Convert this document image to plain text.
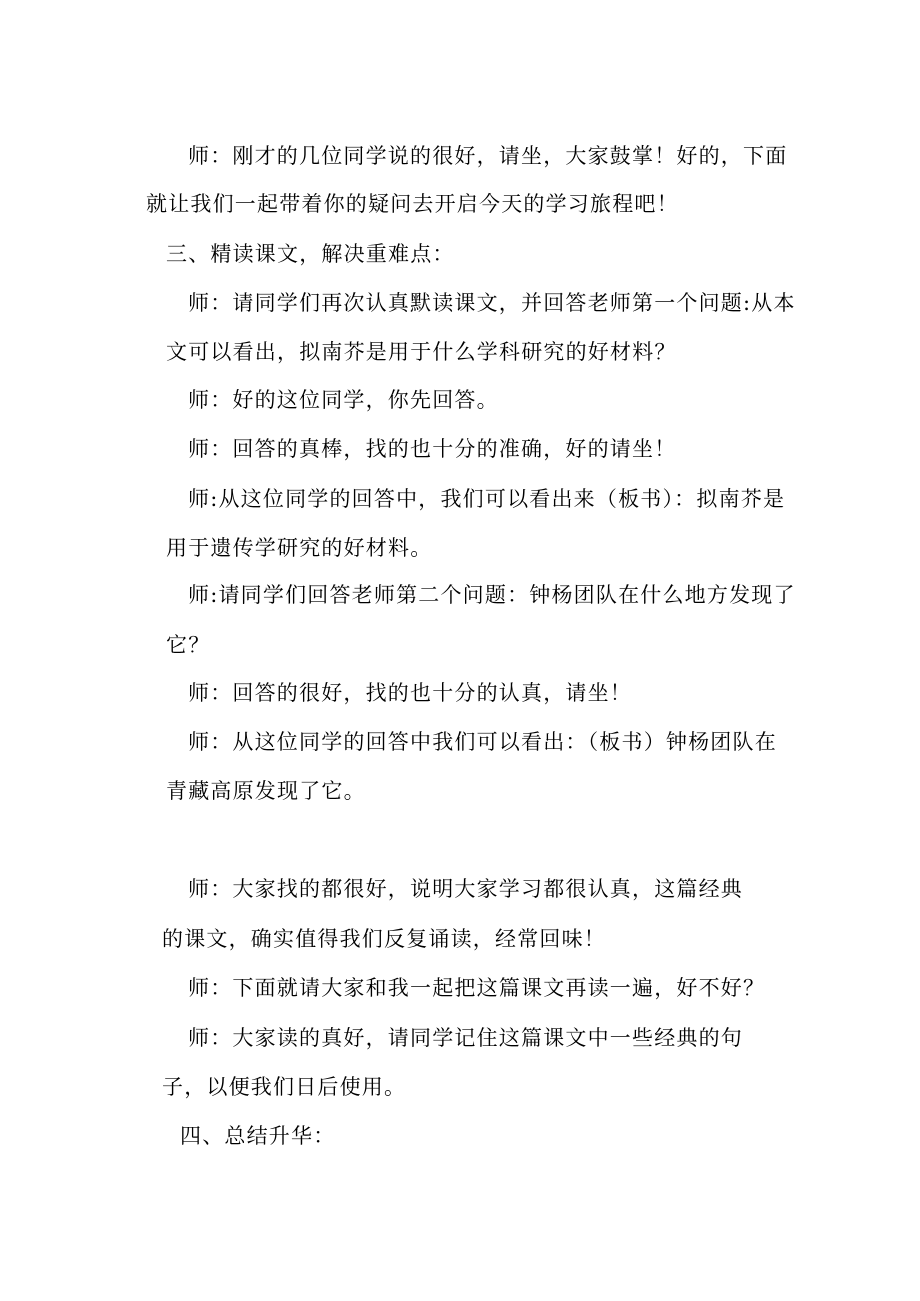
师：刚才的几位同学说的很好，请坐，大家鼓掌！好的，下面
就让我们一起带着你的疑问去开启今天的学习旅程吧！
三、精读课文，解决重难点：
师：请同学们再次认真默读课文，并回答老师第一个问题:从本
文可以看出，拟南芥是用于什么学科研究的好材料？
师：好的这位同学，你先回答。
师：回答的真棒，找的也十分的准确，好的请坐！
师:从这位同学的回答中，我们可以看出来（板书）：拟南芥是
用于遗传学研究的好材料。
师:请同学们回答老师第二个问题：钟杨团队在什么地方发现了
它？
师：回答的很好，找的也十分的认真，请坐！
师：从这位同学的回答中我们可以看出：（板书）钟杨团队在
青藏高原发现了它。
师：大家找的都很好，说明大家学习都很认真，这篇经典
的课文，确实值得我们反复诵读，经常回味！
师：下面就请大家和我一起把这篇课文再读一遍，好不好？
师：大家读的真好，请同学记住这篇课文中一些经典的句
子，以便我们日后使用。
四、总结升华：
